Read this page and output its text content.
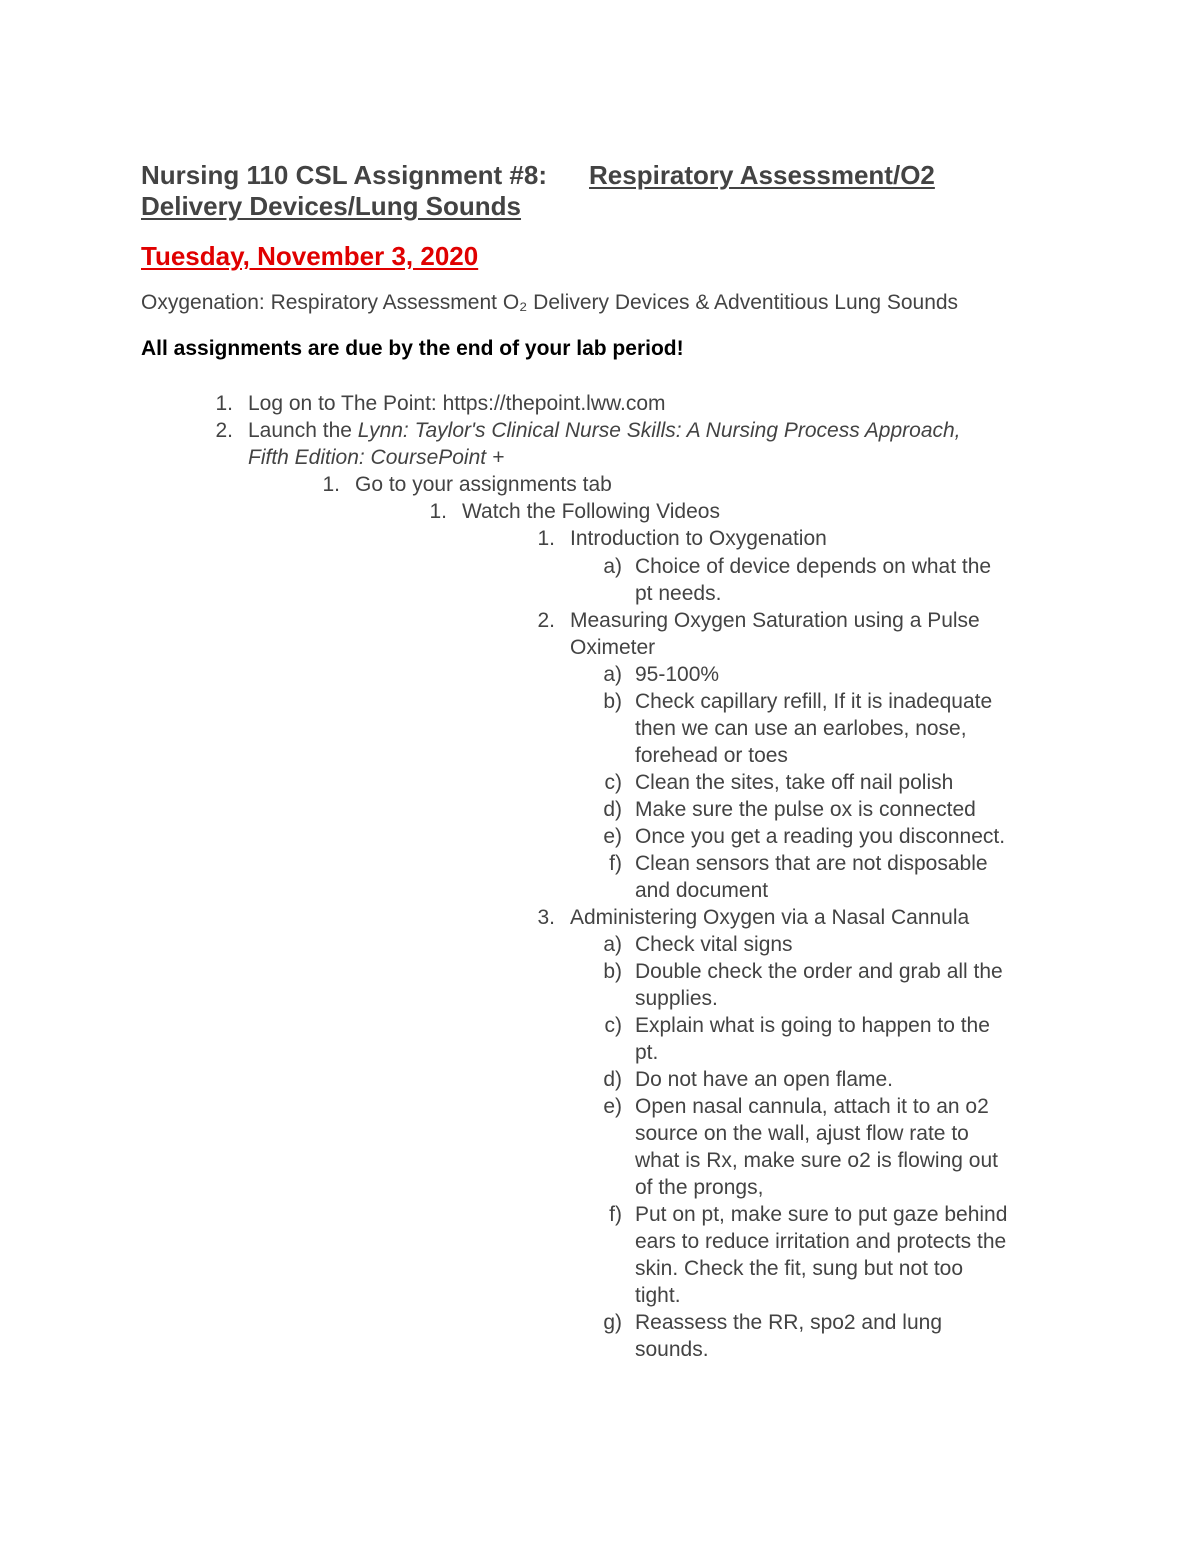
Nursing 110 CSL Assignment #8: Respiratory Assessment/O2
Delivery Devices/Lung Sounds

Tuesday, November 3, 2020

Oxygenation: Respiratory Assessment O₂ Delivery Devices & Adventitious Lung Sounds

All assignments are due by the end of your lab period!

1. Log on to The Point: https://thepoint.lww.com
2. Launch the Lynn: Taylor's Clinical Nurse Skills: A Nursing Process Approach,
Fifth Edition: CoursePoint +
1. Go to your assignments tab
1. Watch the Following Videos
1. Introduction to Oxygenation
a) Choice of device depends on what the
pt needs.
2. Measuring Oxygen Saturation using a Pulse
Oximeter
a) 95-100%
b) Check capillary refill, If it is inadequate
then we can use an earlobes, nose,
forehead or toes
c) Clean the sites, take off nail polish
d) Make sure the pulse ox is connected
e) Once you get a reading you disconnect.
f) Clean sensors that are not disposable
and document
3. Administering Oxygen via a Nasal Cannula
a) Check vital signs
b) Double check the order and grab all the
supplies.
c) Explain what is going to happen to the
pt.
d) Do not have an open flame.
e) Open nasal cannula, attach it to an o2
source on the wall, ajust flow rate to
what is Rx, make sure o2 is flowing out
of the prongs,
f) Put on pt, make sure to put gaze behind
ears to reduce irritation and protects the
skin. Check the fit, sung but not too
tight.
g) Reassess the RR, spo2 and lung
sounds.
